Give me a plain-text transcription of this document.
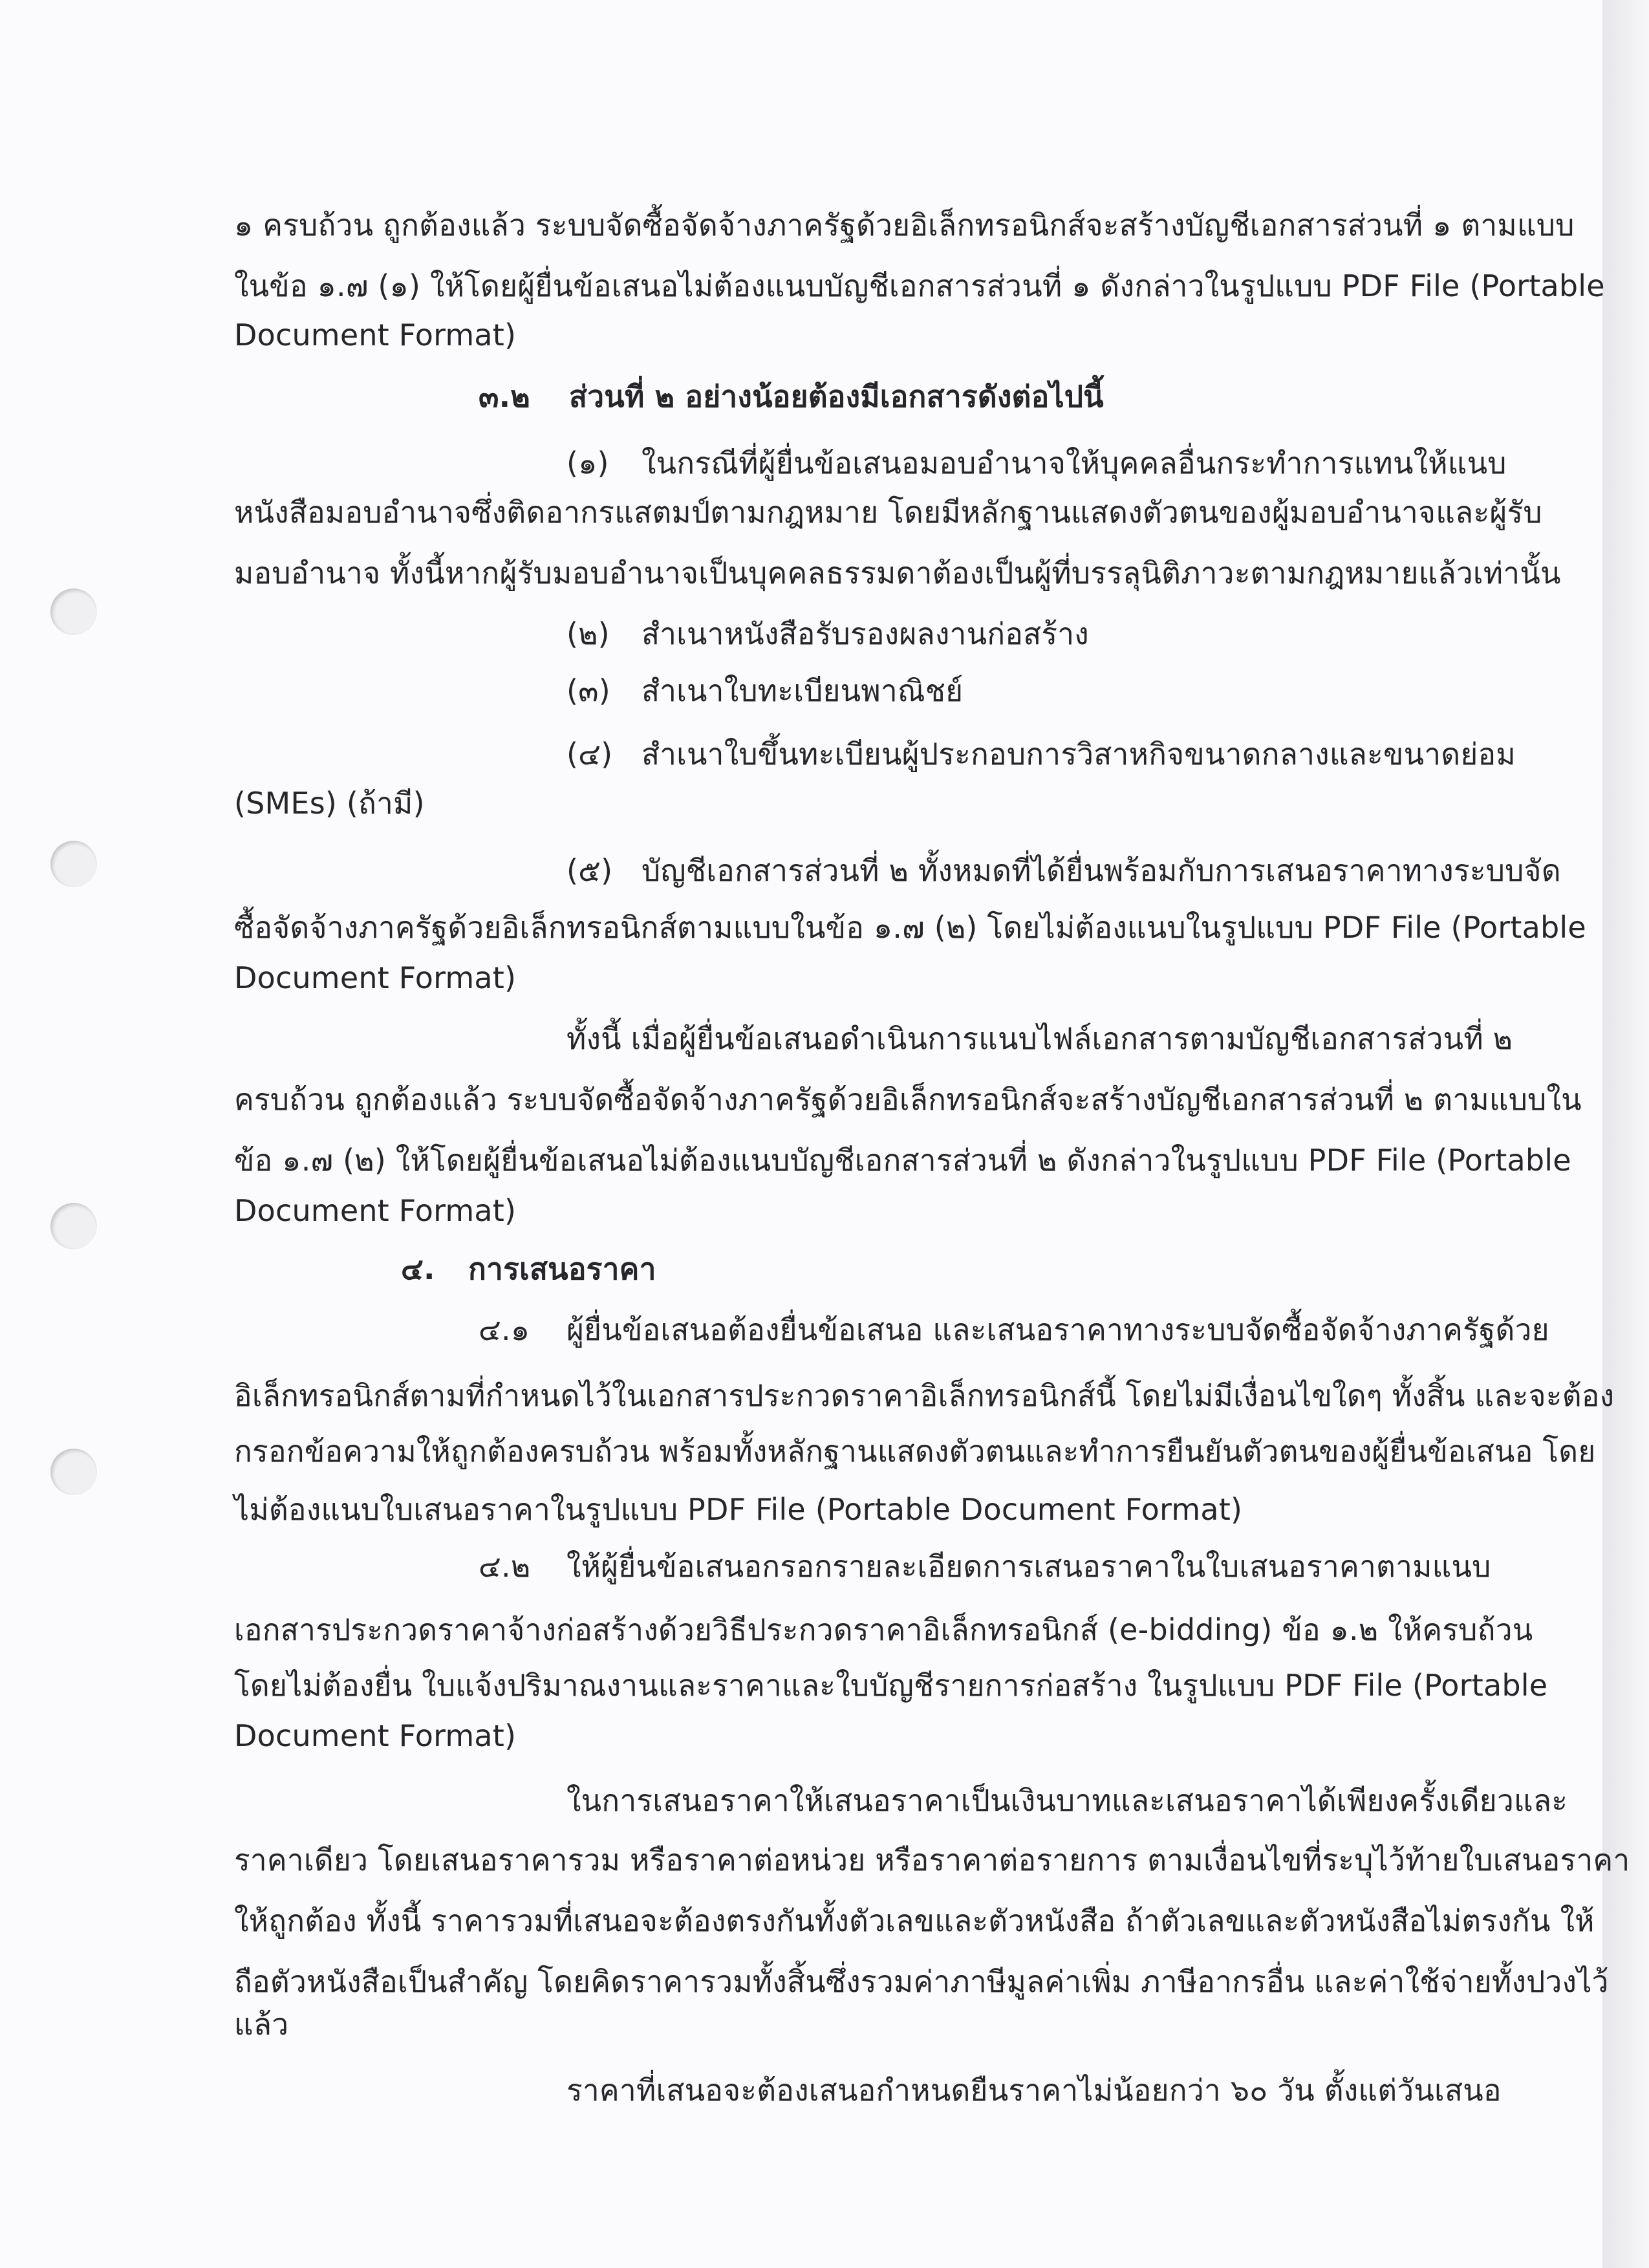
๑ ครบถ้วน ถูกต้องแล้ว ระบบจัดซื้อจัดจ้างภาครัฐด้วยอิเล็กทรอนิกส์จะสร้างบัญชีเอกสารส่วนที่ ๑ ตามแบบ
ในข้อ ๑.๗ (๑) ให้โดยผู้ยื่นข้อเสนอไม่ต้องแนบบัญชีเอกสารส่วนที่ ๑ ดังกล่าวในรูปแบบ PDF File (Portable
Document Format)
๓.๒ ส่วนที่ ๒ อย่างน้อยต้องมีเอกสารดังต่อไปนี้
(๑) ในกรณีที่ผู้ยื่นข้อเสนอมอบอำนาจให้บุคคลอื่นกระทำการแทนให้แนบ
หนังสือมอบอำนาจซึ่งติดอากรแสตมป์ตามกฎหมาย โดยมีหลักฐานแสดงตัวตนของผู้มอบอำนาจและผู้รับ
มอบอำนาจ ทั้งนี้หากผู้รับมอบอำนาจเป็นบุคคลธรรมดาต้องเป็นผู้ที่บรรลุนิติภาวะตามกฎหมายแล้วเท่านั้น
(๒) สำเนาหนังสือรับรองผลงานก่อสร้าง
(๓) สำเนาใบทะเบียนพาณิชย์
(๔) สำเนาใบขึ้นทะเบียนผู้ประกอบการวิสาหกิจขนาดกลางและขนาดย่อม
(SMEs) (ถ้ามี)
(๕) บัญชีเอกสารส่วนที่ ๒ ทั้งหมดที่ได้ยื่นพร้อมกับการเสนอราคาทางระบบจัด
ซื้อจัดจ้างภาครัฐด้วยอิเล็กทรอนิกส์ตามแบบในข้อ ๑.๗ (๒) โดยไม่ต้องแนบในรูปแบบ PDF File (Portable
Document Format)
ทั้งนี้ เมื่อผู้ยื่นข้อเสนอดำเนินการแนบไฟล์เอกสารตามบัญชีเอกสารส่วนที่ ๒
ครบถ้วน ถูกต้องแล้ว ระบบจัดซื้อจัดจ้างภาครัฐด้วยอิเล็กทรอนิกส์จะสร้างบัญชีเอกสารส่วนที่ ๒ ตามแบบใน
ข้อ ๑.๗ (๒) ให้โดยผู้ยื่นข้อเสนอไม่ต้องแนบบัญชีเอกสารส่วนที่ ๒ ดังกล่าวในรูปแบบ PDF File (Portable
Document Format)
๔. การเสนอราคา
๔.๑ ผู้ยื่นข้อเสนอต้องยื่นข้อเสนอ และเสนอราคาทางระบบจัดซื้อจัดจ้างภาครัฐด้วย
อิเล็กทรอนิกส์ตามที่กำหนดไว้ในเอกสารประกวดราคาอิเล็กทรอนิกส์นี้ โดยไม่มีเงื่อนไขใดๆ ทั้งสิ้น และจะต้อง
กรอกข้อความให้ถูกต้องครบถ้วน พร้อมทั้งหลักฐานแสดงตัวตนและทำการยืนยันตัวตนของผู้ยื่นข้อเสนอ โดย
ไม่ต้องแนบใบเสนอราคาในรูปแบบ PDF File (Portable Document Format)
๔.๒ ให้ผู้ยื่นข้อเสนอกรอกรายละเอียดการเสนอราคาในใบเสนอราคาตามแนบ
เอกสารประกวดราคาจ้างก่อสร้างด้วยวิธีประกวดราคาอิเล็กทรอนิกส์ (e-bidding) ข้อ ๑.๒ ให้ครบถ้วน
โดยไม่ต้องยื่น ใบแจ้งปริมาณงานและราคาและใบบัญชีรายการก่อสร้าง ในรูปแบบ PDF File (Portable
Document Format)
ในการเสนอราคาให้เสนอราคาเป็นเงินบาทและเสนอราคาได้เพียงครั้งเดียวและ
ราคาเดียว โดยเสนอราคารวม หรือราคาต่อหน่วย หรือราคาต่อรายการ ตามเงื่อนไขที่ระบุไว้ท้ายใบเสนอราคา
ให้ถูกต้อง ทั้งนี้ ราคารวมที่เสนอจะต้องตรงกันทั้งตัวเลขและตัวหนังสือ ถ้าตัวเลขและตัวหนังสือไม่ตรงกัน ให้
ถือตัวหนังสือเป็นสำคัญ โดยคิดราคารวมทั้งสิ้นซึ่งรวมค่าภาษีมูลค่าเพิ่ม ภาษีอากรอื่น และค่าใช้จ่ายทั้งปวงไว้
แล้ว
ราคาที่เสนอจะต้องเสนอกำหนดยืนราคาไม่น้อยกว่า ๖๐ วัน ตั้งแต่วันเสนอ
